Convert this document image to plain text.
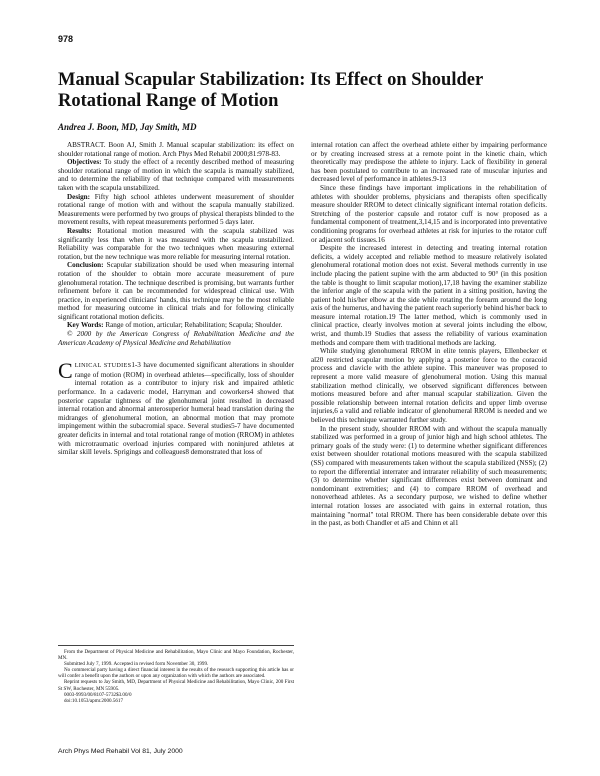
978
Manual Scapular Stabilization: Its Effect on Shoulder Rotational Range of Motion
Andrea J. Boon, MD, Jay Smith, MD

ABSTRACT. Boon AJ, Smith J. Manual scapular stabilization: its effect on shoulder rotational range of motion. Arch Phys Med Rehabil 2000;81:978-83.

Objectives: To study the effect of a recently described method of measuring shoulder rotational range of motion in which the scapula is manually stabilized, and to determine the reliability of that technique compared with measurements taken with the scapula unstabilized.

Design: Fifty high school athletes underwent measurement of shoulder rotational range of motion with and without the scapula manually stabilized. Measurements were performed by two groups of physical therapists blinded to the movement results, with repeat measurements performed 5 days later.

Results: Rotational motion measured with the scapula stabilized was significantly less than when it was measured with the scapula unstabilized. Reliability was comparable for the two techniques when measuring external rotation, but the new technique was more reliable for measuring internal rotation.

Conclusion: Scapular stabilization should be used when measuring internal rotation of the shoulder to obtain more accurate measurement of pure glenohumeral rotation. The technique described is promising, but warrants further refinement before it can be recommended for widespread clinical use. With practice, in experienced clinicians' hands, this technique may be the most reliable method for measuring outcome in clinical trials and for following clinically significant rotational motion deficits.

Key Words: Range of motion, articular; Rehabilitation; Scapula; Shoulder.

© 2000 by the American Congress of Rehabilitation Medicine and the American Academy of Physical Medicine and Rehabilitation

CLINICAL STUDIES1-3 have documented significant alterations in shoulder range of motion (ROM) in overhead athletes—specifically, loss of shoulder internal rotation as a contributor to injury risk and impaired athletic performance. In a cadaveric model, Harryman and coworkers4 showed that posterior capsular tightness of the glenohumeral joint resulted in decreased internal rotation and abnormal anterosuperior humeral head translation during the midranges of glenohumeral motion, an abnormal motion that may promote impingement within the subacromial space. Several studies5-7 have documented greater deficits in internal and total rotational range of motion (RROM) in athletes with microtraumatic overload injuries compared with noninjured athletes at similar skill levels. Sprigings and colleagues8 demonstrated that loss of

From the Department of Physical Medicine and Rehabilitation, Mayo Clinic and Mayo Foundation, Rochester, MN.

Submitted July 7, 1999. Accepted in revised form November 30, 1999.

No commercial party having a direct financial interest in the results of the research supporting this article has or will confer a benefit upon the authors or upon any organization with which the authors are associated.

Reprint requests to Jay Smith, MD, Department of Physical Medicine and Rehabilitation, Mayo Clinic, 200 First St SW, Rochester, MN 55905.

0003-9993/00/8107-5732$3.00/0

doi:10.1053/apmr.2000.5617

internal rotation can affect the overhead athlete either by impairing performance or by creating increased stress at a remote point in the kinetic chain, which theoretically may predispose the athlete to injury. Lack of flexibility in general has been postulated to contribute to an increased rate of muscular injuries and decreased level of performance in athletes.9-13

Since these findings have important implications in the rehabilitation of athletes with shoulder problems, physicians and therapists often specifically measure shoulder RROM to detect clinically significant internal rotation deficits. Stretching of the posterior capsule and rotator cuff is now proposed as a fundamental component of treatment,3,14,15 and is incorporated into preventative conditioning programs for overhead athletes at risk for injuries to the rotator cuff or adjacent soft tissues.16

Despite the increased interest in detecting and treating internal rotation deficits, a widely accepted and reliable method to measure relatively isolated glenohumeral rotational motion does not exist. Several methods currently in use include placing the patient supine with the arm abducted to 90° (in this position the table is thought to limit scapular motion),17,18 having the examiner stabilize the inferior angle of the scapula with the patient in a sitting position, having the patient hold his/her elbow at the side while rotating the forearm around the long axis of the humerus, and having the patient reach superiorly behind his/her back to measure internal rotation.19 The latter method, which is commonly used in clinical practice, clearly involves motion at several joints including the elbow, wrist, and thumb.19 Studies that assess the reliability of various examination methods and compare them with traditional methods are lacking.

While studying glenohumeral RROM in elite tennis players, Ellenbecker et al20 restricted scapular motion by applying a posterior force to the coracoid process and clavicle with the athlete supine. This maneuver was proposed to represent a more valid measure of glenohumeral motion. Using this manual stabilization method clinically, we observed significant differences between motions measured before and after manual scapular stabilization. Given the possible relationship between internal rotation deficits and upper limb overuse injuries,6 a valid and reliable indicator of glenohumeral RROM is needed and we believed this technique warranted further study.

In the present study, shoulder RROM with and without the scapula manually stabilized was performed in a group of junior high and high school athletes. The primary goals of the study were: (1) to determine whether significant differences exist between shoulder rotational motions measured with the scapula stabilized (SS) compared with measurements taken without the scapula stabilized (NSS); (2) to report the differential interrater and intrarater reliability of such measurements; (3) to determine whether significant differences exist between dominant and nondominant extremities; and (4) to compare RROM of overhead and nonoverhead athletes. As a secondary purpose, we wished to define whether internal rotation losses are associated with gains in external rotation, thus maintaining "normal" total RROM. There has been considerable debate over this in the past, as both Chandler et al5 and Chinn et al1

Arch Phys Med Rehabil Vol 81, July 2000
